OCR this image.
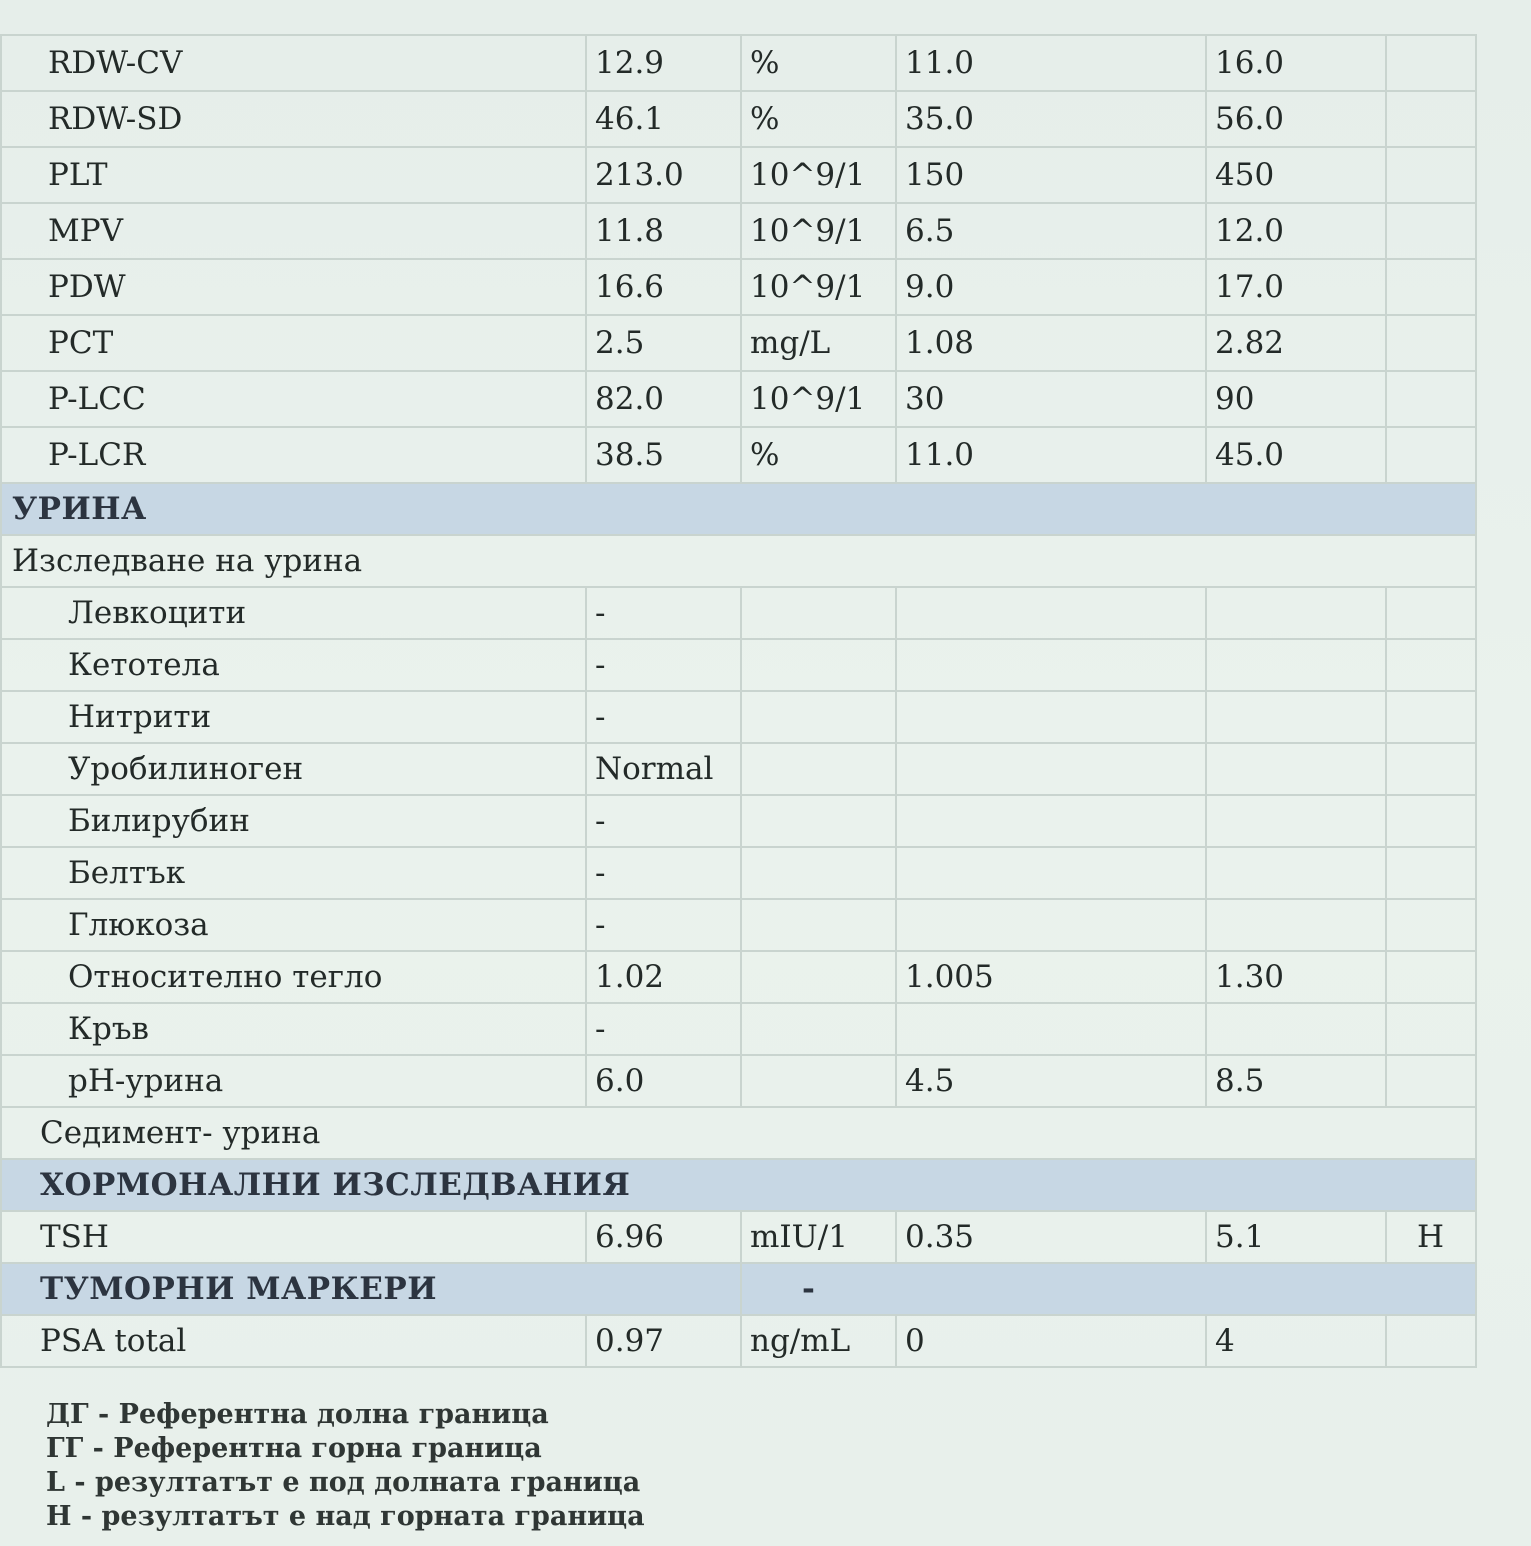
RDW-CV	12.9	%	11.0	16.0	
RDW-SD	46.1	%	35.0	56.0	
PLT	213.0	10^9/1	150	450	
MPV	11.8	10^9/1	6.5	12.0	
PDW	16.6	10^9/1	9.0	17.0	
PCT	2.5	mg/L	1.08	2.82	
P-LCC	82.0	10^9/1	30	90	
P-LCR	38.5	%	11.0	45.0	
УРИНА					
Изследване на урина					
Левкоцити	-				
Кетотела	-				
Нитрити	-				
Уробилиноген	Normal				
Билирубин	-				
Белтък	-				
Глюкоза	-				
Относително тегло	1.02		1.005	1.30	
Кръв	-				
pH-урина	6.0		4.5	8.5	
Седимент- урина					
ХОРМОНАЛНИ ИЗСЛЕДВАНИЯ					
TSH	6.96	mIU/1	0.35	5.1	H
ТУМОРНИ МАРКЕРИ		-			
PSA total	0.97	ng/mL	0	4	
ДГ - Референтна долна граница
ГГ - Референтна горна граница
L - резултатът е под долната граница
H - резултатът е над горната граница
